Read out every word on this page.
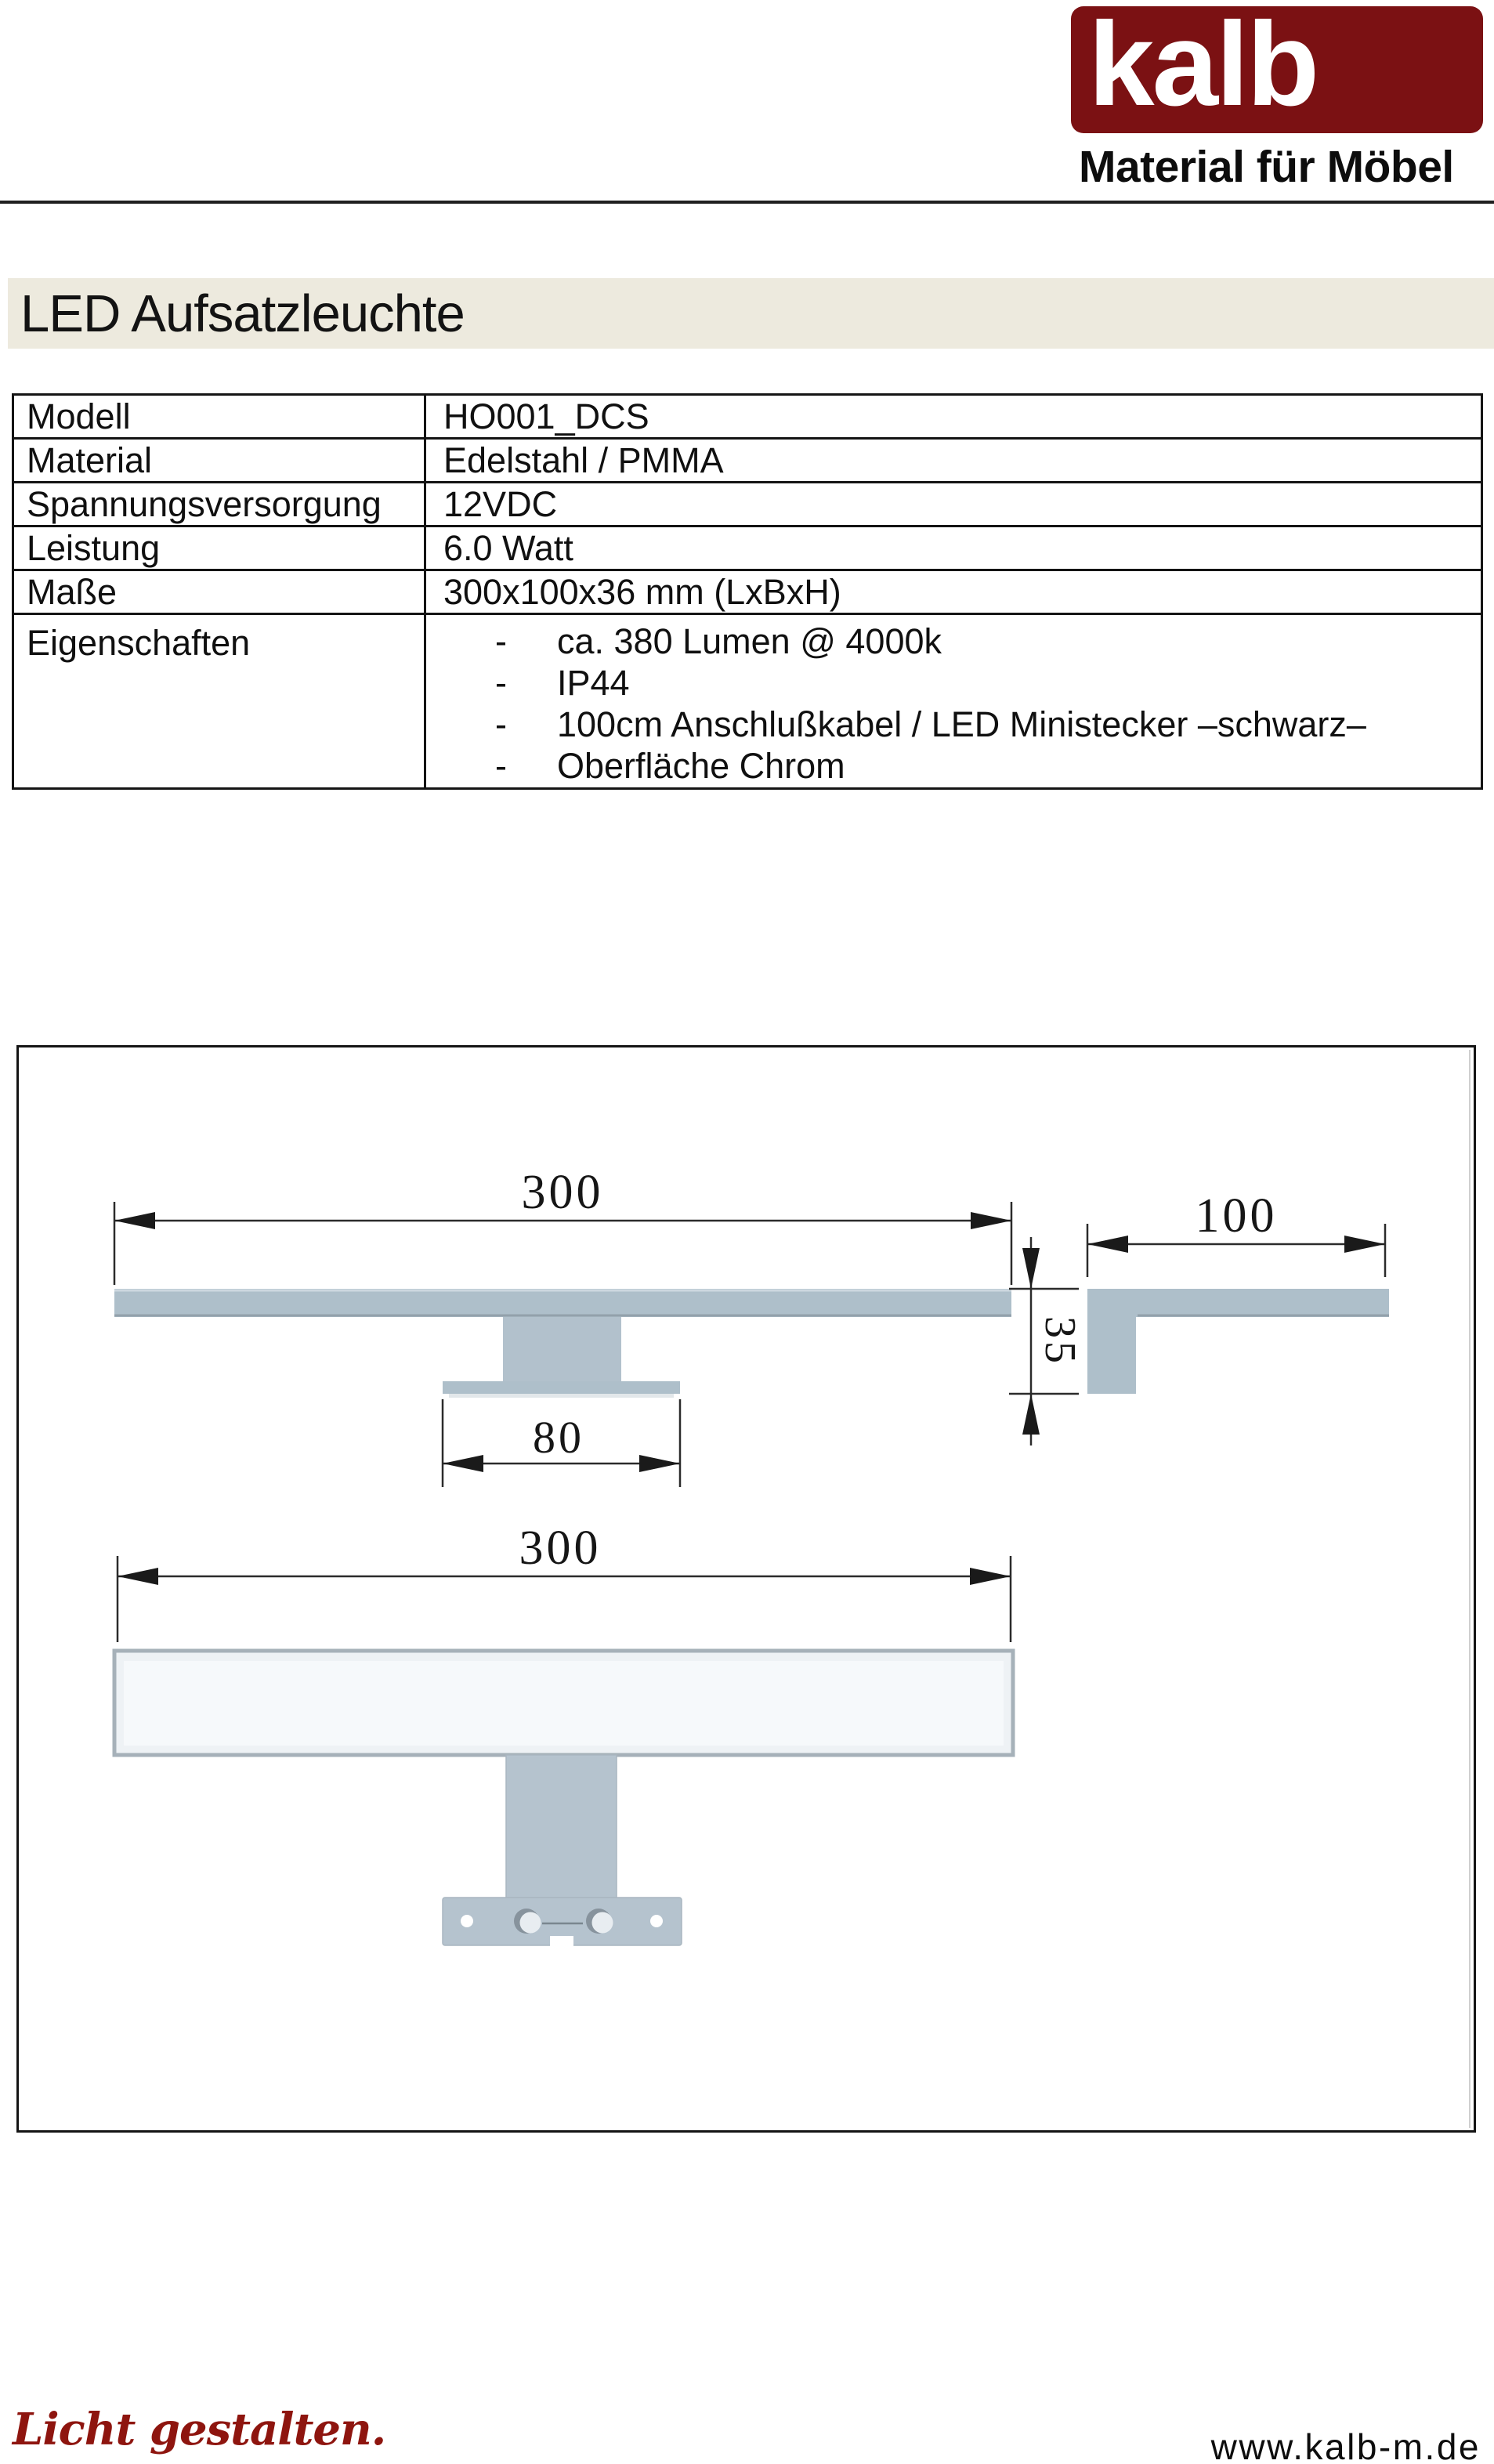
kalb
Material für Möbel
LED Aufsatzleuchte
Modell	HO001_DCS
Material	Edelstahl / PMMA
Spannungsversorgung	12VDC
Leistung	6.0 Watt
Maße	300x100x36 mm (LxBxH)
Eigenschaften	-	ca. 380 Lumen @ 4000k
-	IP44
-	100cm Anschlußkabel / LED Ministecker –schwarz–
-	Oberfläche Chrom
300
80
100
35
300
Licht gestalten.	www.kalb-m.de
